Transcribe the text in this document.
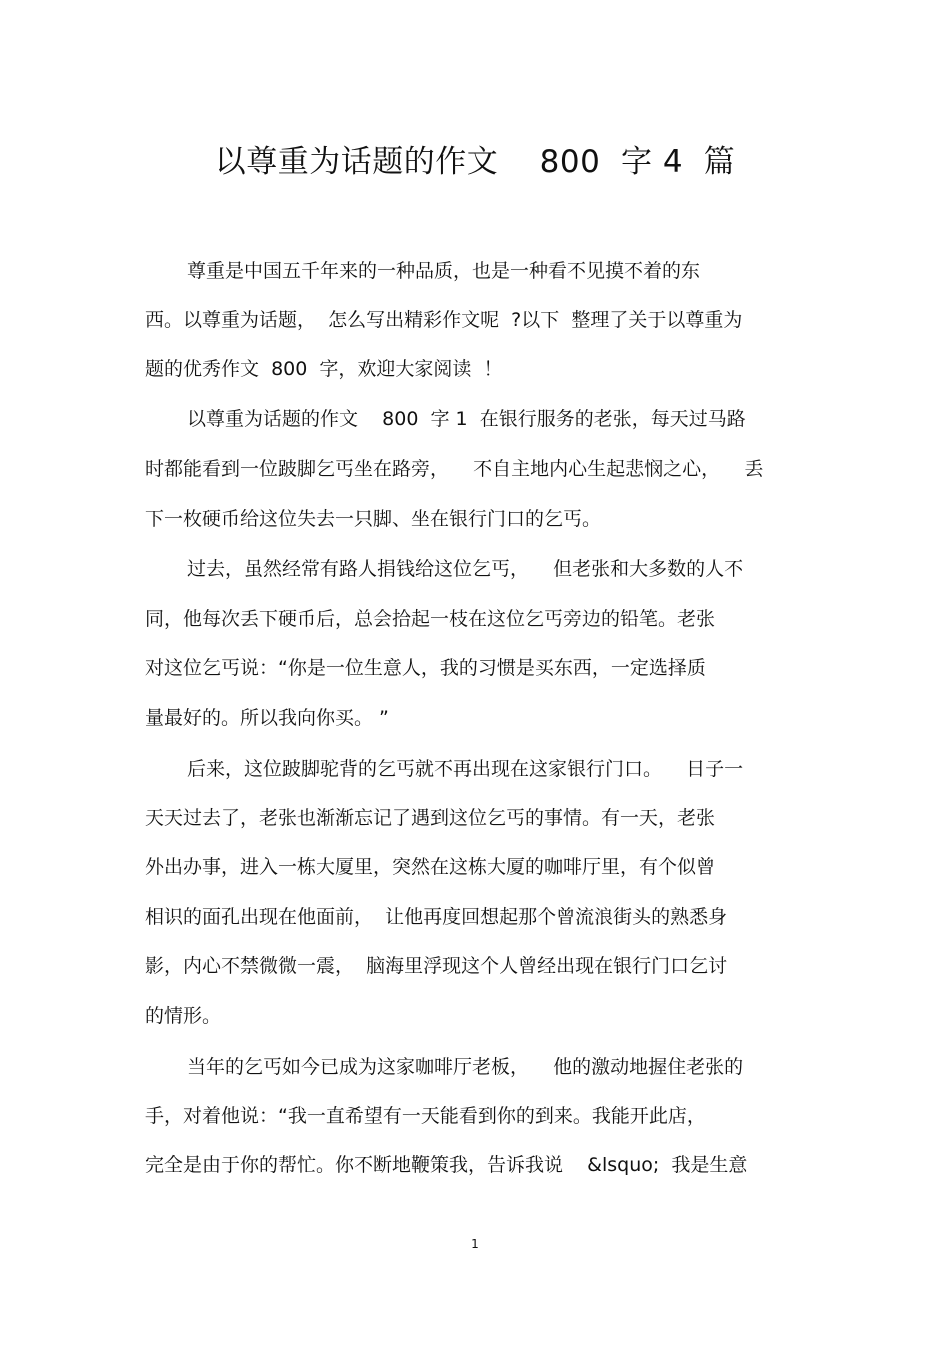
以尊重为话题的作文    800  字 4  篇
尊重是中国五千年来的一种品质，也是一种看不见摸不着的东
西。以尊重为话题，  怎么写出精彩作文呢  ?以下  整理了关于以尊重为
题的优秀作文  800  字，欢迎大家阅读  ！
以尊重为话题的作文    800  字 1  在银行服务的老张，每天过马路
时都能看到一位跛脚乞丐坐在路旁，    不自主地内心生起悲悯之心，    丢
下一枚硬币给这位失去一只脚、坐在银行门口的乞丐。
过去，虽然经常有路人捐钱给这位乞丐，    但老张和大多数的人不
同，他每次丢下硬币后，总会拾起一枝在这位乞丐旁边的铅笔。老张
对这位乞丐说：“你是一位生意人，我的习惯是买东西，一定选择质
量最好的。所以我向你买。 ”
后来，这位跛脚驼背的乞丐就不再出现在这家银行门口。    日子一
天天过去了，老张也渐渐忘记了遇到这位乞丐的事情。有一天，老张
外出办事，进入一栋大厦里，突然在这栋大厦的咖啡厅里，有个似曾
相识的面孔出现在他面前，  让他再度回想起那个曾流浪街头的熟悉身
影，内心不禁微微一震，  脑海里浮现这个人曾经出现在银行门口乞讨
的情形。
当年的乞丐如今已成为这家咖啡厅老板，    他的激动地握住老张的
手，对着他说：“我一直希望有一天能看到你的到来。我能开此店，
完全是由于你的帮忙。你不断地鞭策我，告诉我说    &lsquo;  我是生意
1
